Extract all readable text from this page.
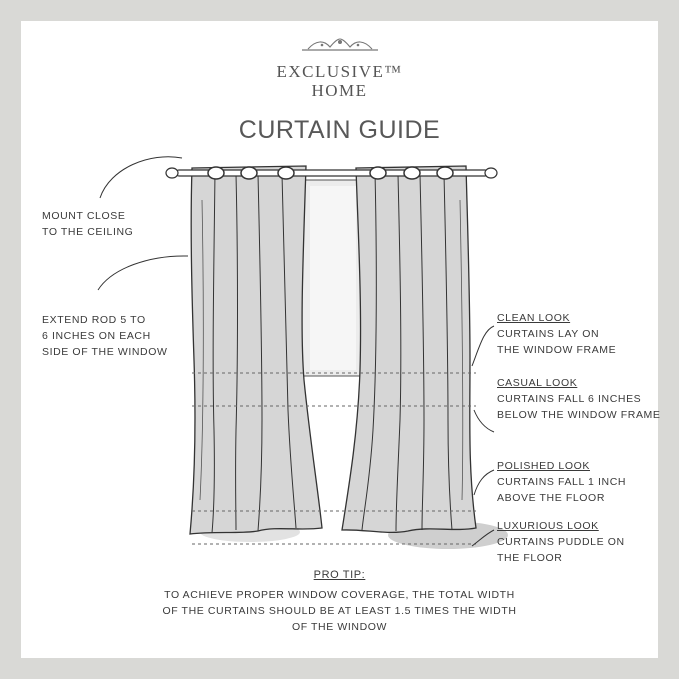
EXCLUSIVE™
HOME
CURTAIN GUIDE
MOUNT CLOSE
TO THE CEILING
EXTEND ROD 5 TO
6 INCHES ON EACH
SIDE OF THE WINDOW
CLEAN LOOK
CURTAINS LAY ON
THE WINDOW FRAME
CASUAL LOOK
CURTAINS FALL 6 INCHES
BELOW THE WINDOW FRAME
POLISHED LOOK
CURTAINS FALL 1 INCH
ABOVE THE FLOOR
LUXURIOUS LOOK
CURTAINS PUDDLE ON
THE FLOOR
PRO TIP:
TO ACHIEVE PROPER WINDOW COVERAGE, THE TOTAL WIDTH OF THE CURTAINS SHOULD BE AT LEAST 1.5 TIMES THE WIDTH OF THE WINDOW
